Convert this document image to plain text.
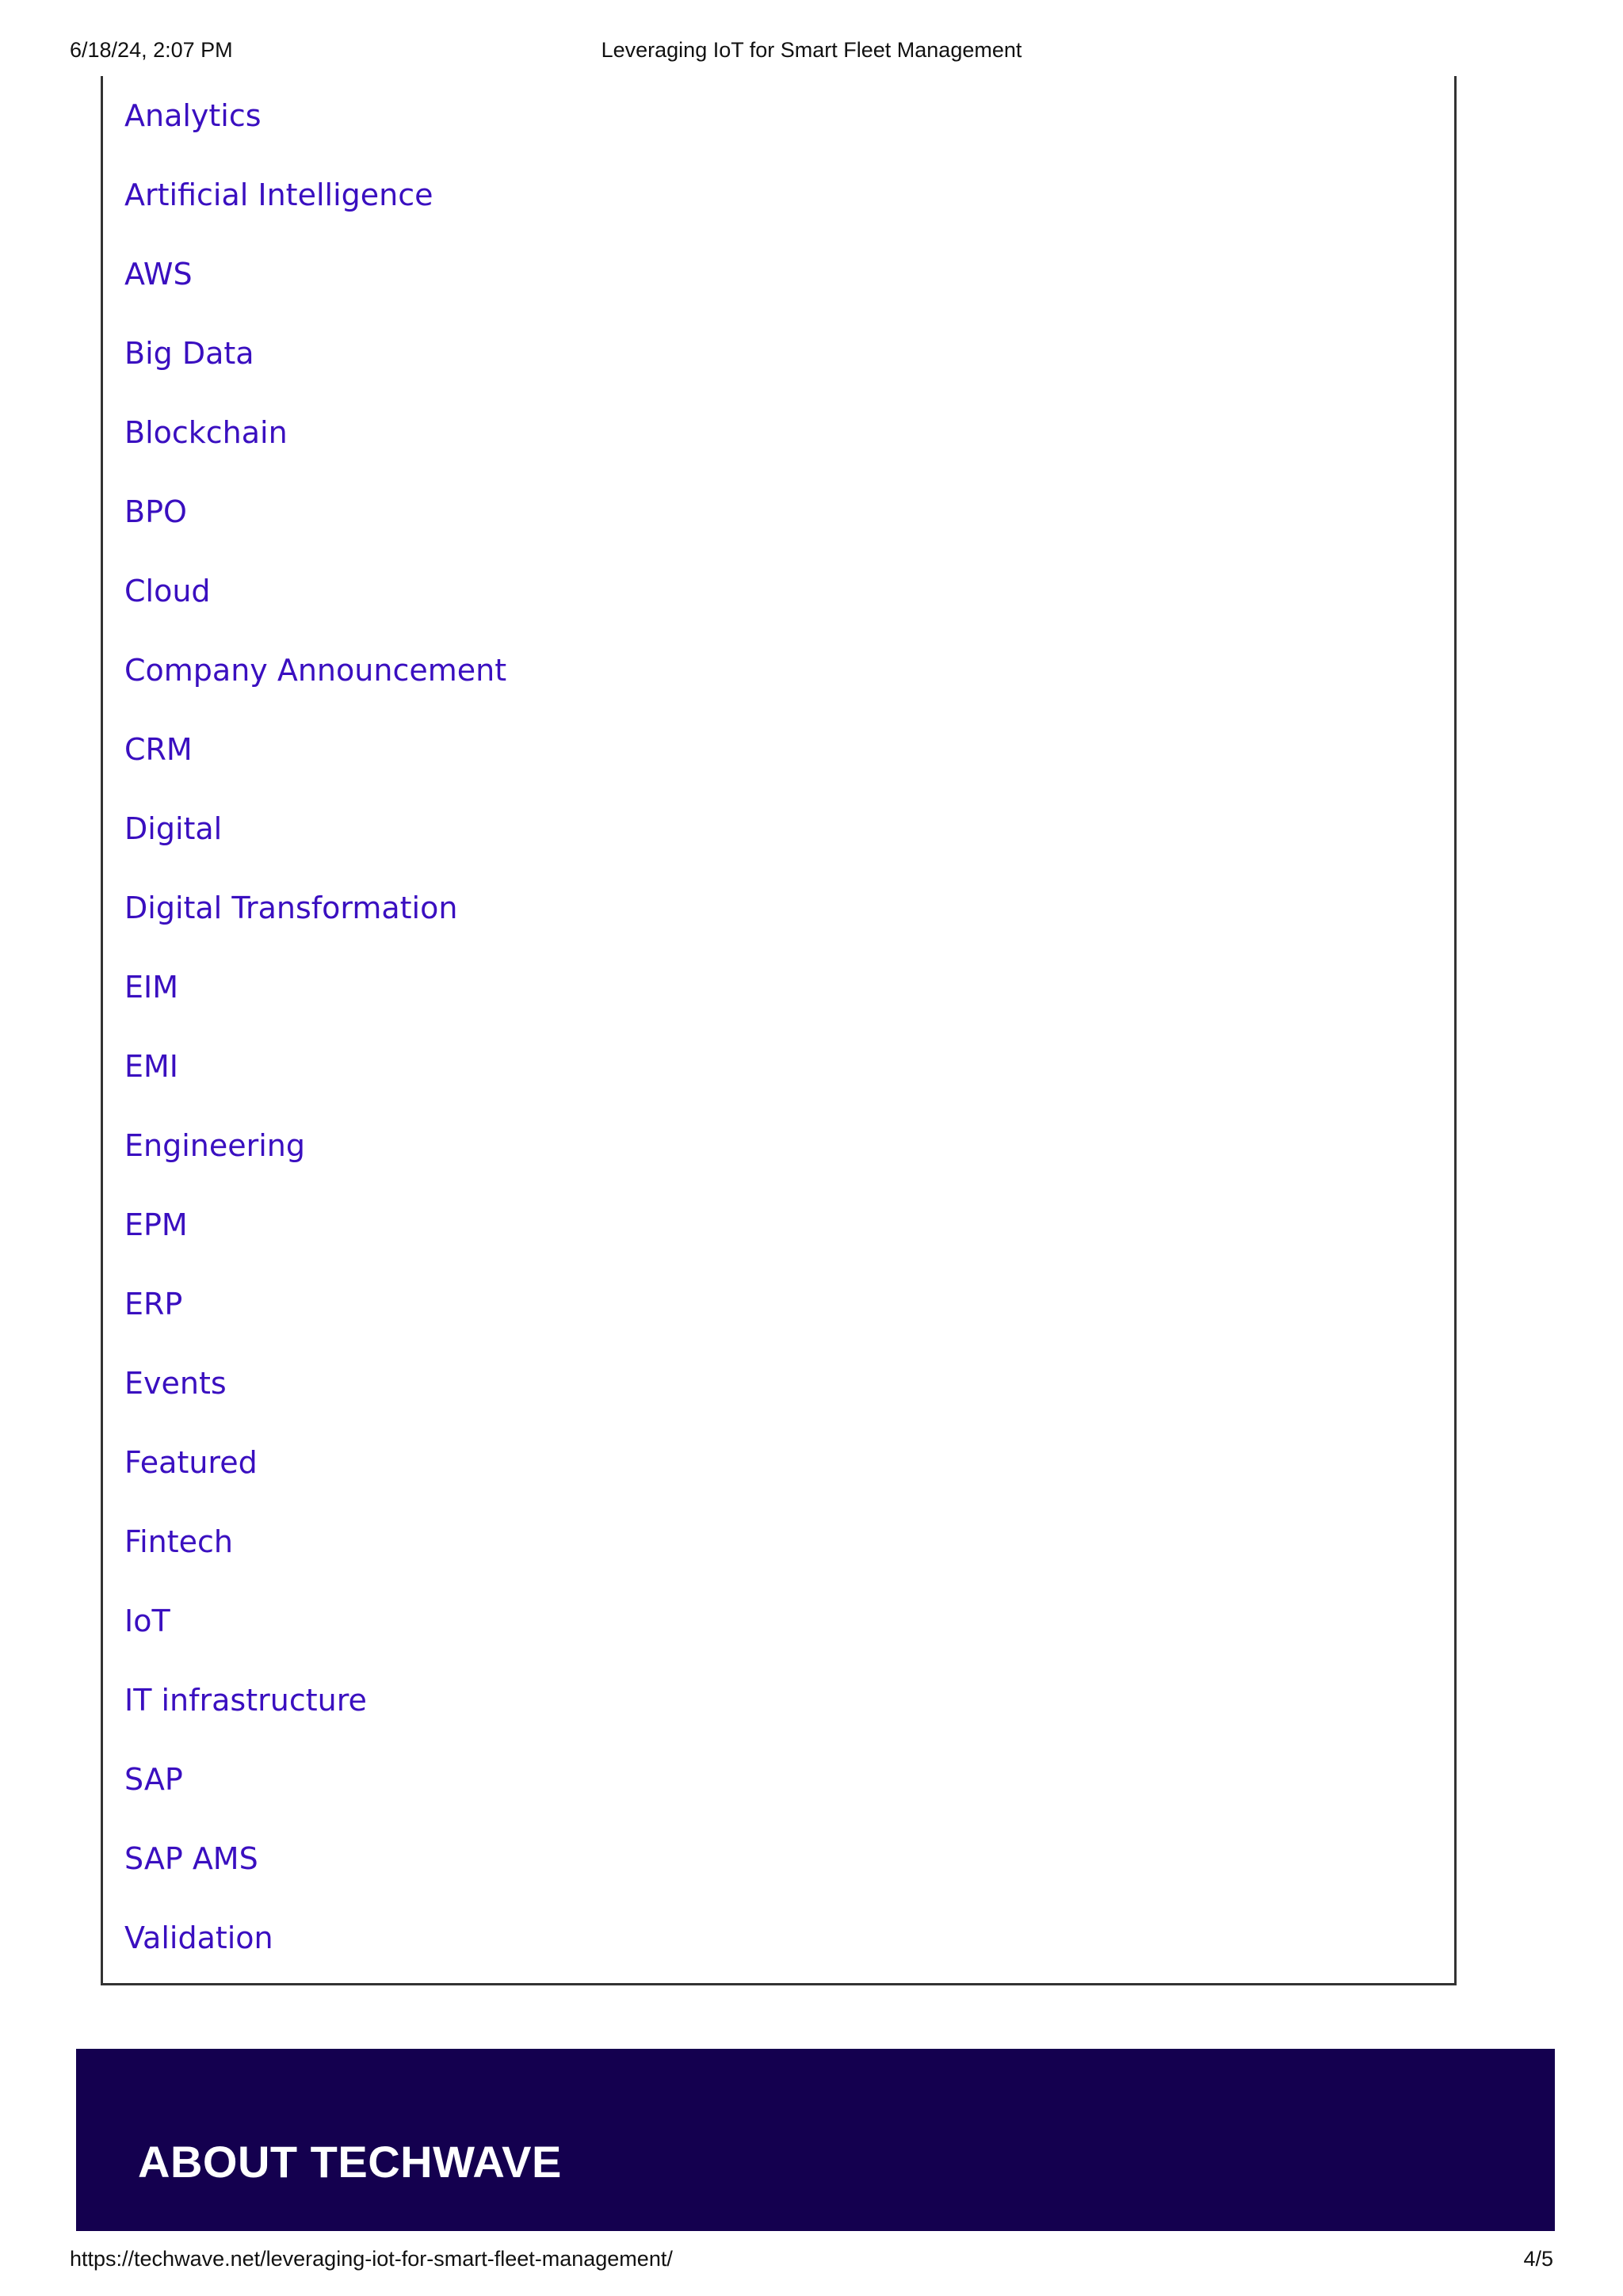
6/18/24, 2:07 PM	Leveraging IoT for Smart Fleet Management
Analytics
Artificial Intelligence
AWS
Big Data
Blockchain
BPO
Cloud
Company Announcement
CRM
Digital
Digital Transformation
EIM
EMI
Engineering
EPM
ERP
Events
Featured
Fintech
IoT
IT infrastructure
SAP
SAP AMS
Validation
ABOUT TECHWAVE
https://techwave.net/leveraging-iot-for-smart-fleet-management/	4/5
